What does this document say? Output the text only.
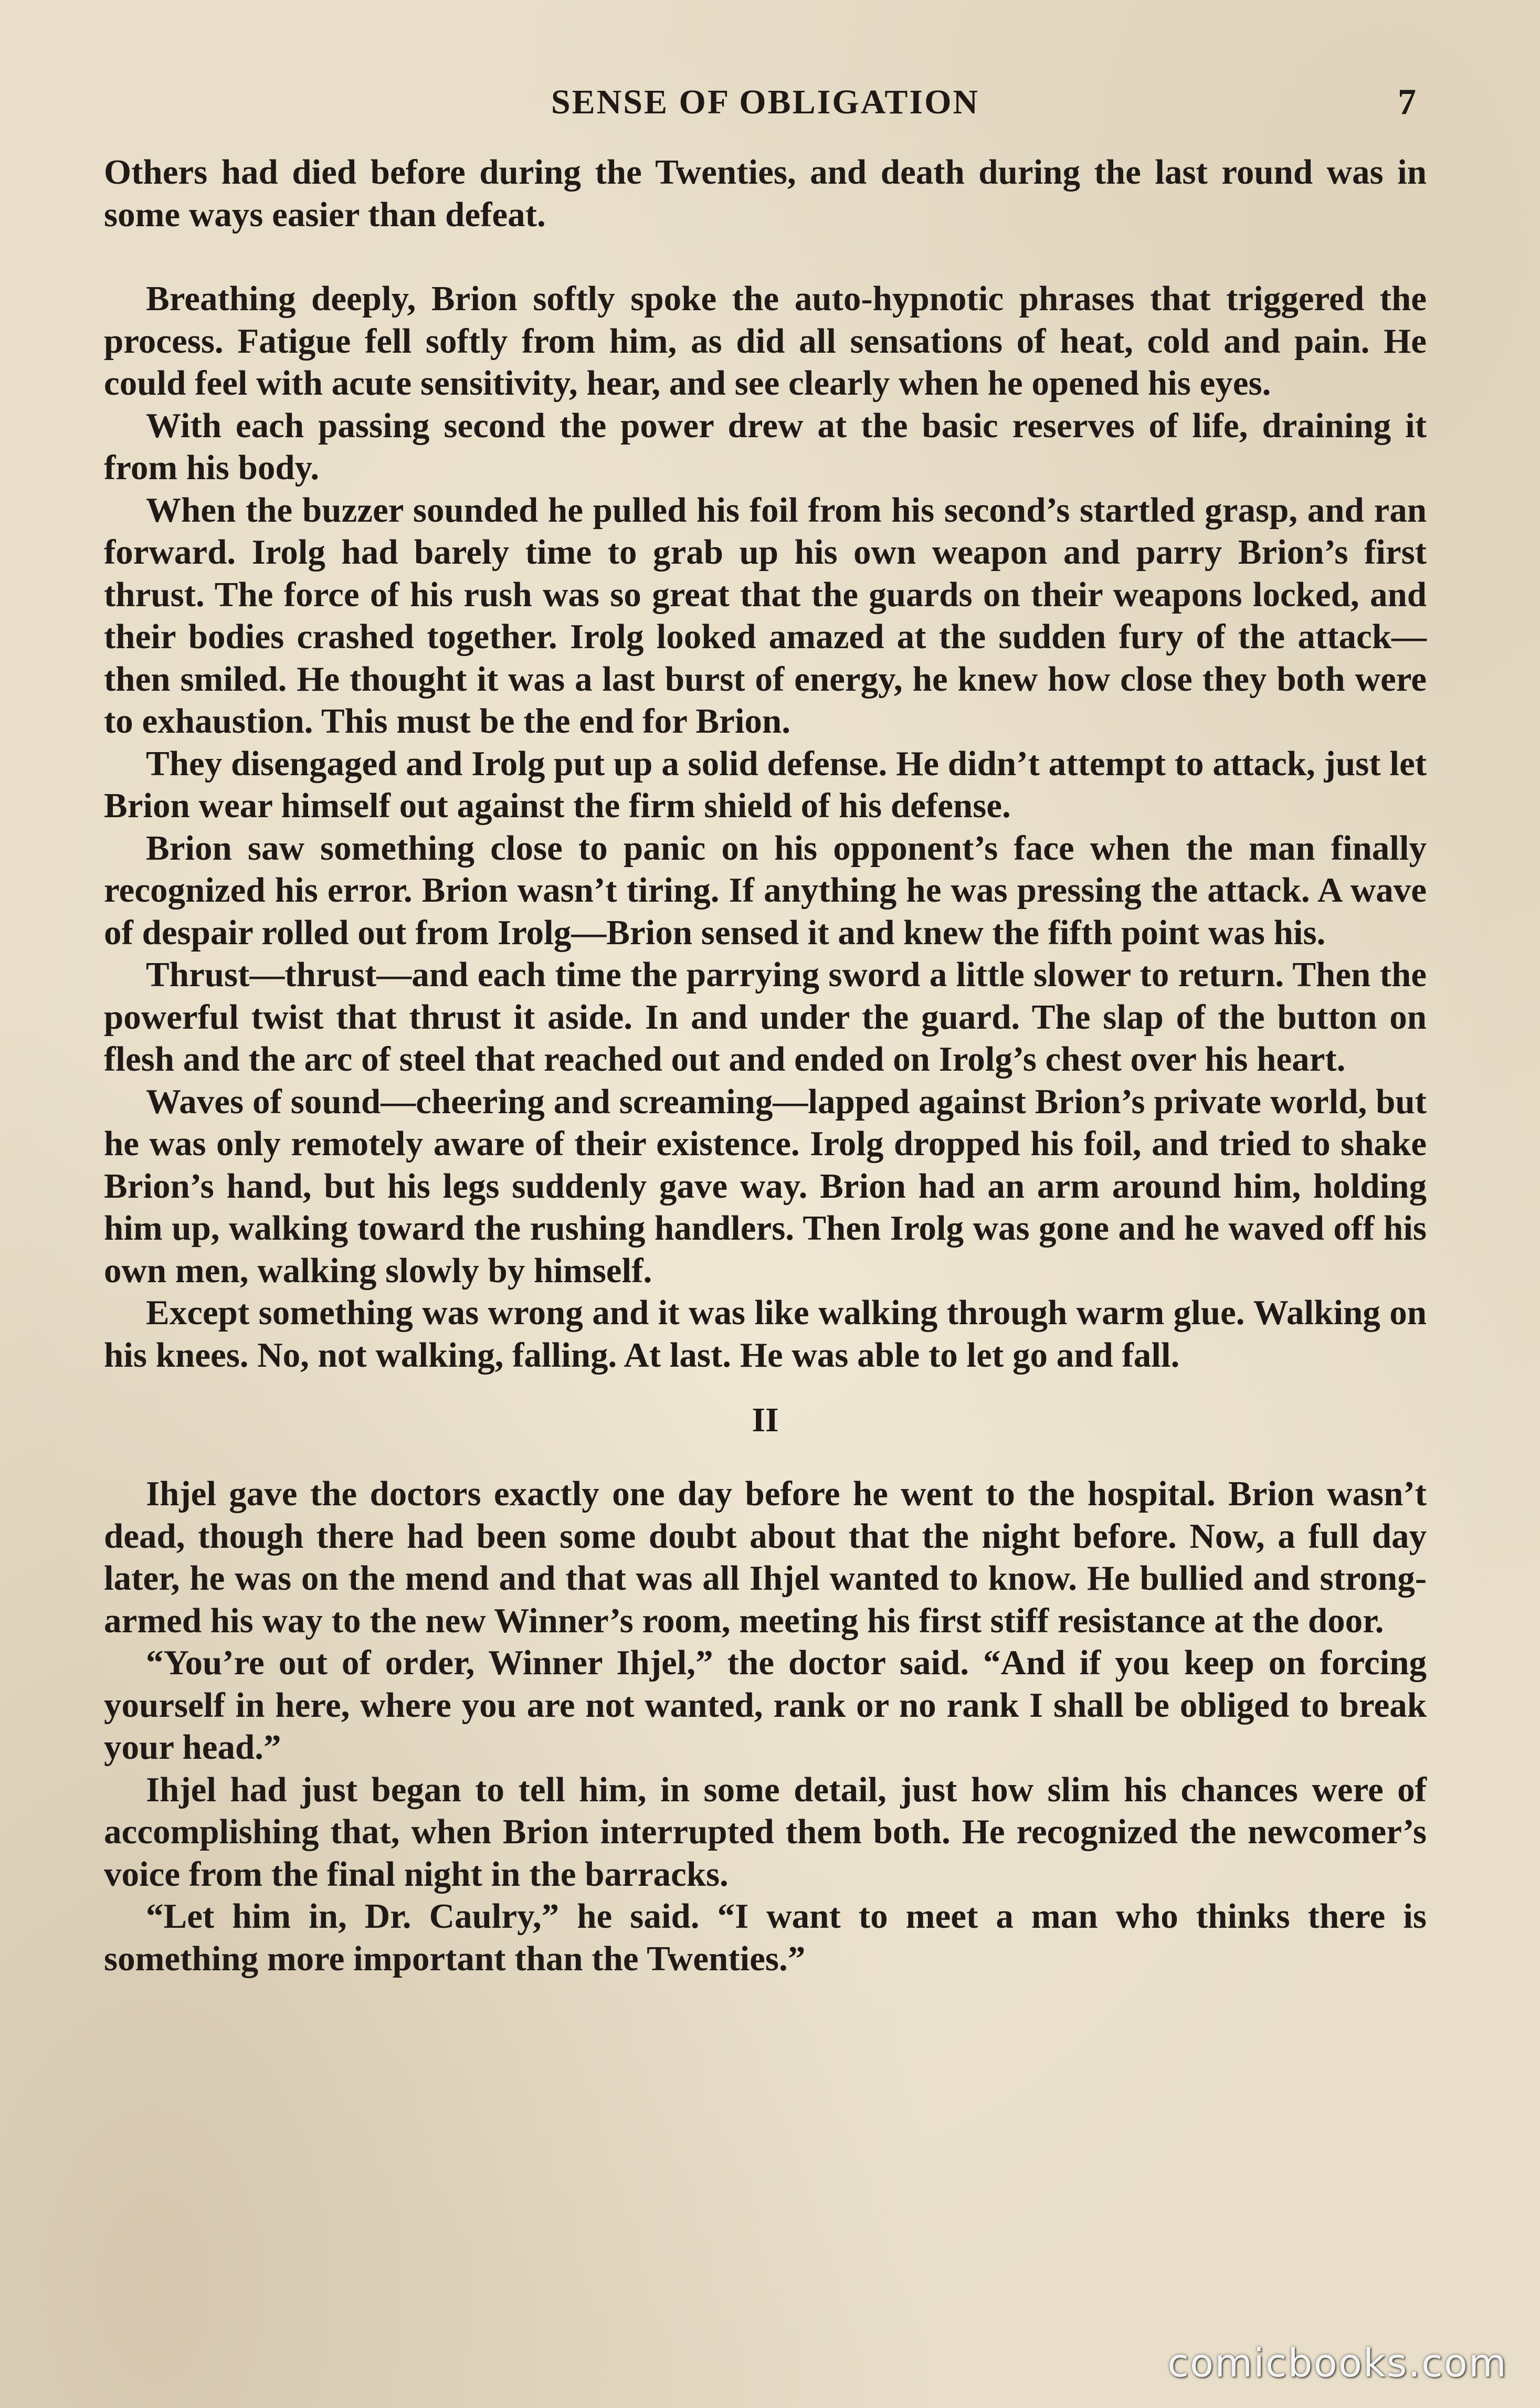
SENSE OF OBLIGATION	7

Others had died before during the Twenties, and death during the last round was in some ways easier than defeat.

Breathing deeply, Brion softly spoke the auto-hypnotic phrases that triggered the process. Fatigue fell softly from him, as did all sensations of heat, cold and pain. He could feel with acute sensitivity, hear, and see clearly when he opened his eyes.

With each passing second the power drew at the basic reserves of life, draining it from his body.

When the buzzer sounded he pulled his foil from his second’s startled grasp, and ran forward. Irolg had barely time to grab up his own weapon and parry Brion’s first thrust. The force of his rush was so great that the guards on their weapons locked, and their bodies crashed together. Irolg looked amazed at the sudden fury of the attack—then smiled. He thought it was a last burst of energy, he knew how close they both were to exhaustion. This must be the end for Brion.

They disengaged and Irolg put up a solid defense. He didn’t attempt to attack, just let Brion wear himself out against the firm shield of his defense.

Brion saw something close to panic on his opponent’s face when the man finally recognized his error. Brion wasn’t tiring. If anything he was pressing the attack. A wave of despair rolled out from Irolg—Brion sensed it and knew the fifth point was his.

Thrust—thrust—and each time the parrying sword a little slower to return. Then the powerful twist that thrust it aside. In and under the guard. The slap of the button on flesh and the arc of steel that reached out and ended on Irolg’s chest over his heart.

Waves of sound—cheering and screaming—lapped against Brion’s private world, but he was only remotely aware of their existence. Irolg dropped his foil, and tried to shake Brion’s hand, but his legs suddenly gave way. Brion had an arm around him, holding him up, walking toward the rushing handlers. Then Irolg was gone and he waved off his own men, walking slowly by himself.

Except something was wrong and it was like walking through warm glue. Walking on his knees. No, not walking, falling. At last. He was able to let go and fall.

II

Ihjel gave the doctors exactly one day before he went to the hospital. Brion wasn’t dead, though there had been some doubt about that the night before. Now, a full day later, he was on the mend and that was all Ihjel wanted to know. He bullied and strong-armed his way to the new Winner’s room, meeting his first stiff resistance at the door.

“You’re out of order, Winner Ihjel,” the doctor said. “And if you keep on forcing yourself in here, where you are not wanted, rank or no rank I shall be obliged to break your head.”

Ihjel had just began to tell him, in some detail, just how slim his chances were of accomplishing that, when Brion interrupted them both. He recognized the newcomer’s voice from the final night in the barracks.

“Let him in, Dr. Caulry,” he said. “I want to meet a man who thinks there is something more important than the Twenties.”

comicbooks.com
